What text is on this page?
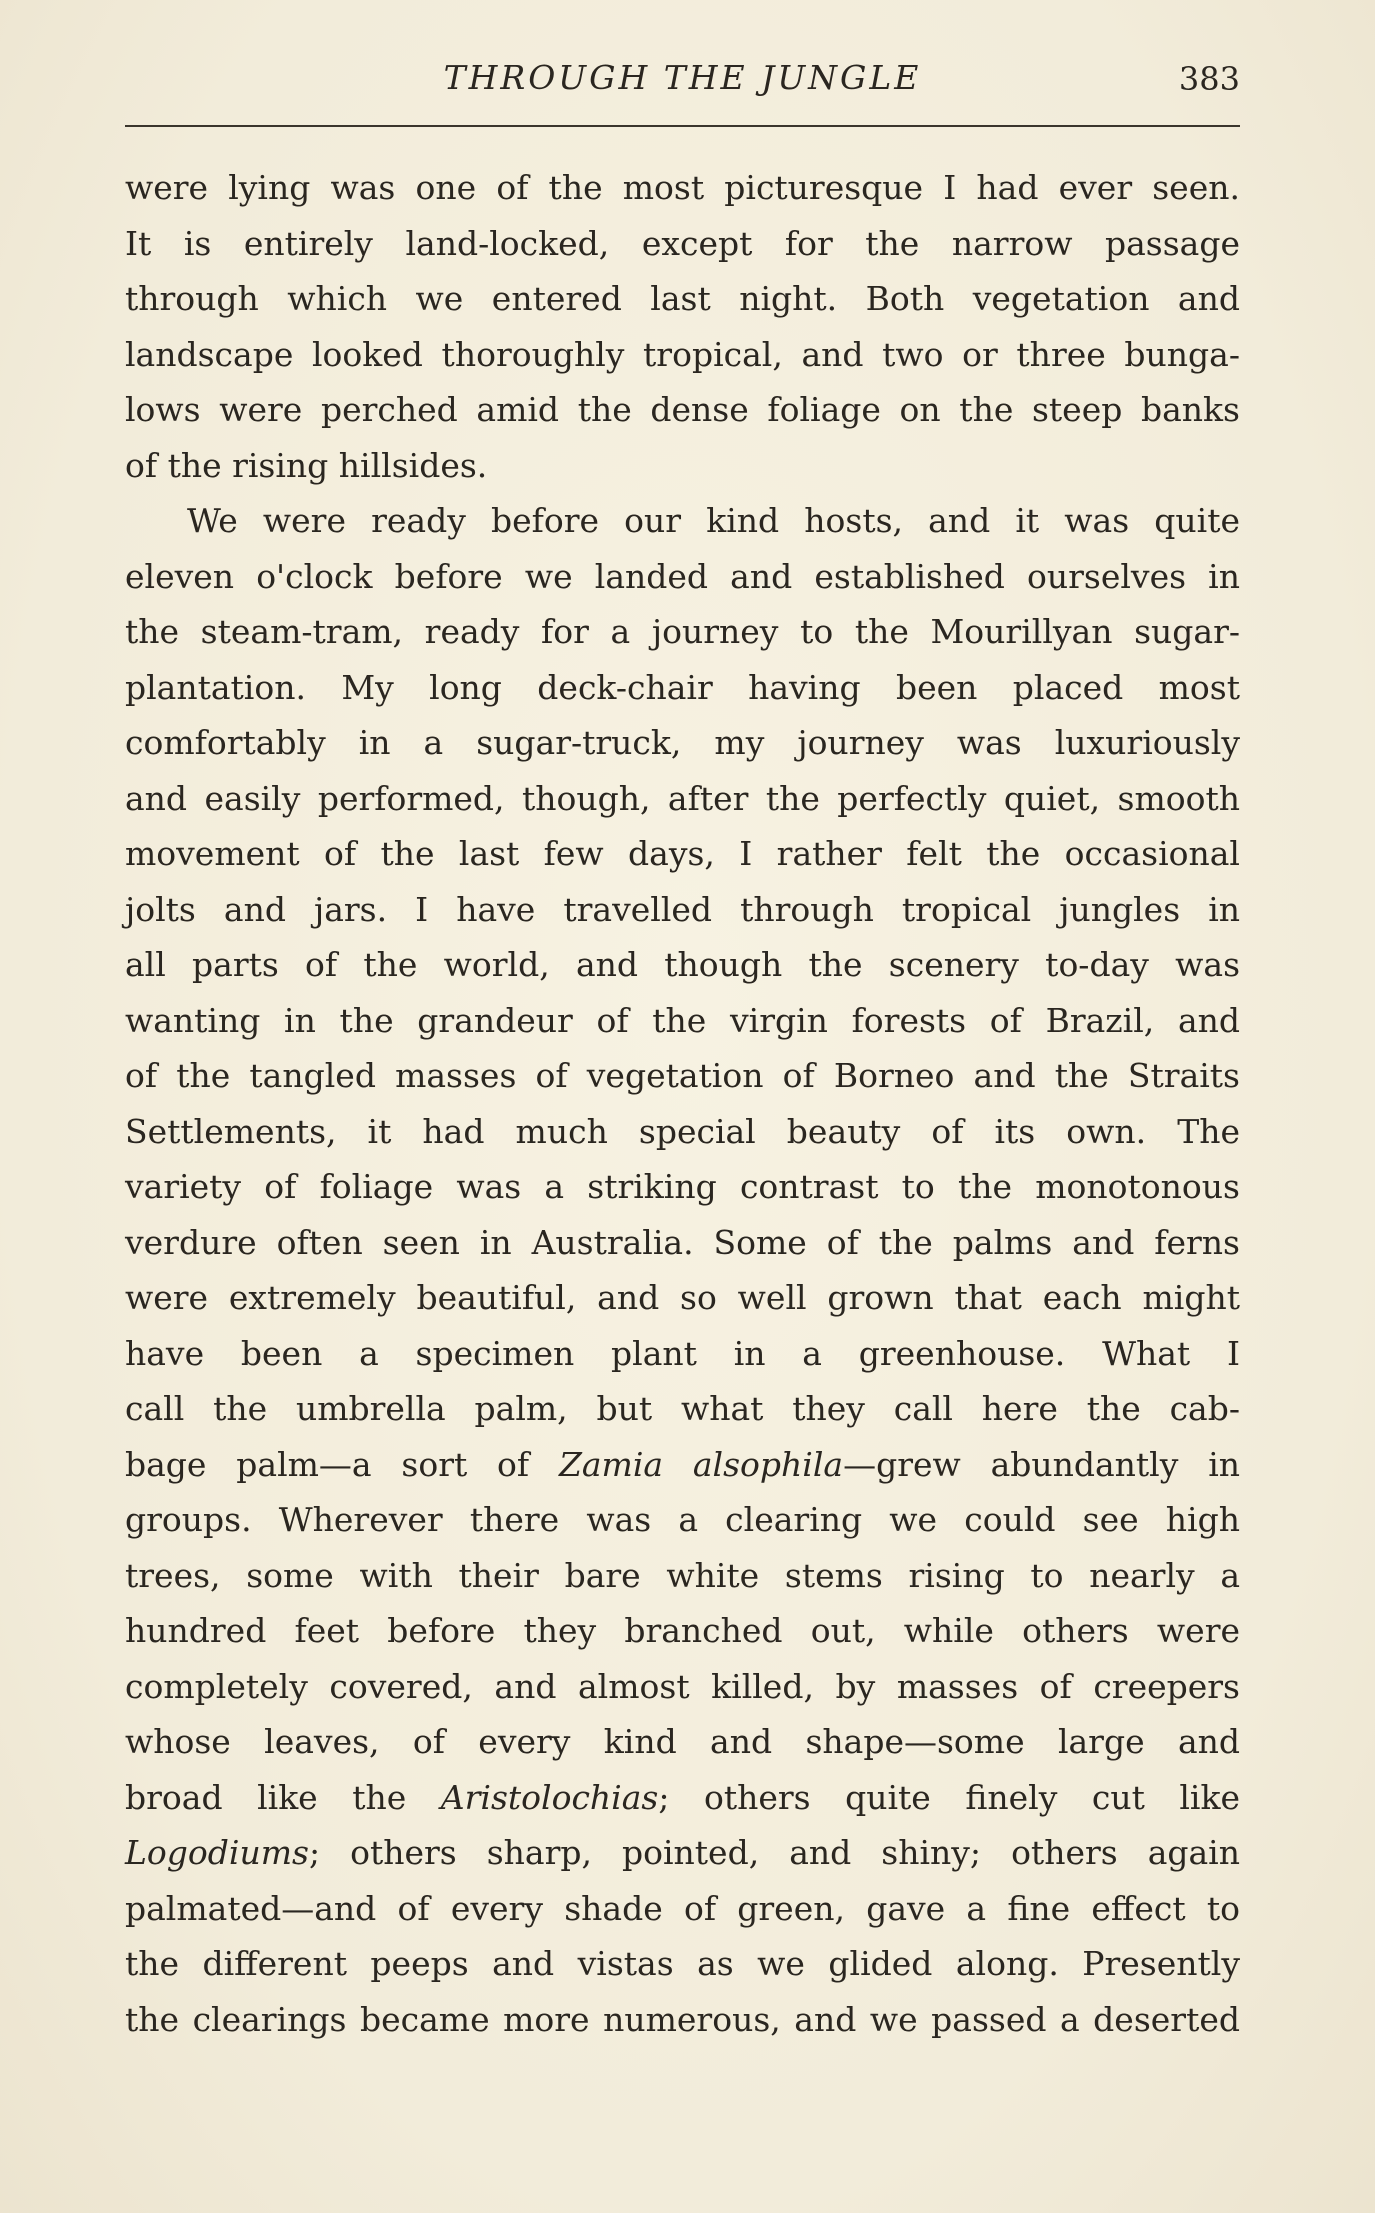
THROUGH THE JUNGLE	383
were lying was one of the most picturesque I had ever seen.
It is entirely land-locked, except for the narrow passage
through which we entered last night. Both vegetation and
landscape looked thoroughly tropical, and two or three bunga-
lows were perched amid the dense foliage on the steep banks
of the rising hillsides.
We were ready before our kind hosts, and it was quite
eleven o'clock before we landed and established ourselves in
the steam-tram, ready for a journey to the Mourillyan sugar-
plantation. My long deck-chair having been placed most
comfortably in a sugar-truck, my journey was luxuriously
and easily performed, though, after the perfectly quiet, smooth
movement of the last few days, I rather felt the occasional
jolts and jars. I have travelled through tropical jungles in
all parts of the world, and though the scenery to-day was
wanting in the grandeur of the virgin forests of Brazil, and
of the tangled masses of vegetation of Borneo and the Straits
Settlements, it had much special beauty of its own. The
variety of foliage was a striking contrast to the monotonous
verdure often seen in Australia. Some of the palms and ferns
were extremely beautiful, and so well grown that each might
have been a specimen plant in a greenhouse. What I
call the umbrella palm, but what they call here the cab-
bage palm—a sort of Zamia alsophila—grew abundantly in
groups. Wherever there was a clearing we could see high
trees, some with their bare white stems rising to nearly a
hundred feet before they branched out, while others were
completely covered, and almost killed, by masses of creepers
whose leaves, of every kind and shape—some large and
broad like the Aristolochias; others quite finely cut like
Logodiums; others sharp, pointed, and shiny; others again
palmated—and of every shade of green, gave a fine effect to
the different peeps and vistas as we glided along. Presently
the clearings became more numerous, and we passed a deserted
